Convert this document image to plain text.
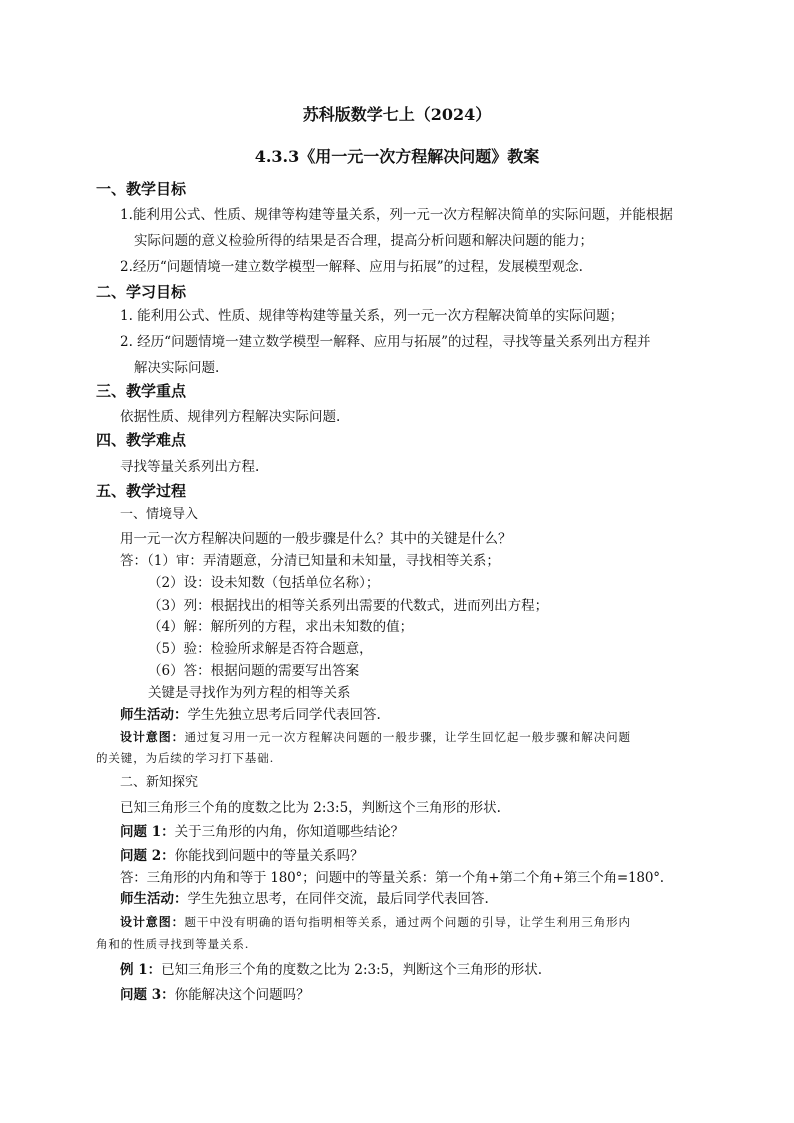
苏科版数学七上（2024）
4.3.3《用一元一次方程解决问题》教案
一、教学目标
1.能利用公式、性质、规律等构建等量关系，列一元一次方程解决简单的实际问题，并能根据
实际问题的意义检验所得的结果是否合理，提高分析问题和解决问题的能力；
2.经历“问题情境一建立数学模型一解释、应用与拓展”的过程，发展模型观念.
二、学习目标
1. 能利用公式、性质、规律等构建等量关系，列一元一次方程解决简单的实际问题；
2. 经历“问题情境一建立数学模型一解释、应用与拓展”的过程，寻找等量关系列出方程并
解决实际问题.
三、教学重点
依据性质、规律列方程解决实际问题.
四、教学难点
寻找等量关系列出方程.
五、教学过程
一、情境导入
用一元一次方程解决问题的一般步骤是什么？其中的关键是什么？
答：（1）审：弄清题意，分清已知量和未知量，寻找相等关系；
（2）设：设未知数（包括单位名称）；
（3）列：根据找出的相等关系列出需要的代数式，进而列出方程；
（4）解：解所列的方程，求出未知数的值；
（5）验：检验所求解是否符合题意，
（6）答：根据问题的需要写出答案
关键是寻找作为列方程的相等关系
师生活动：学生先独立思考后同学代表回答.
设计意图：通过复习用一元一次方程解决问题的一般步骤，让学生回忆起一般步骤和解决问题
的关键，为后续的学习打下基础.
二、新知探究
已知三角形三个角的度数之比为 2:3:5，判断这个三角形的形状.
问题 1：关于三角形的内角，你知道哪些结论？
问题 2：你能找到问题中的等量关系吗？
答：三角形的内角和等于 180°；问题中的等量关系：第一个角+第二个角+第三个角=180°.
师生活动：学生先独立思考，在同伴交流，最后同学代表回答.
设计意图：题干中没有明确的语句指明相等关系，通过两个问题的引导，让学生利用三角形内
角和的性质寻找到等量关系.
例 1：已知三角形三个角的度数之比为 2:3:5，判断这个三角形的形状.
问题 3：你能解决这个问题吗？
